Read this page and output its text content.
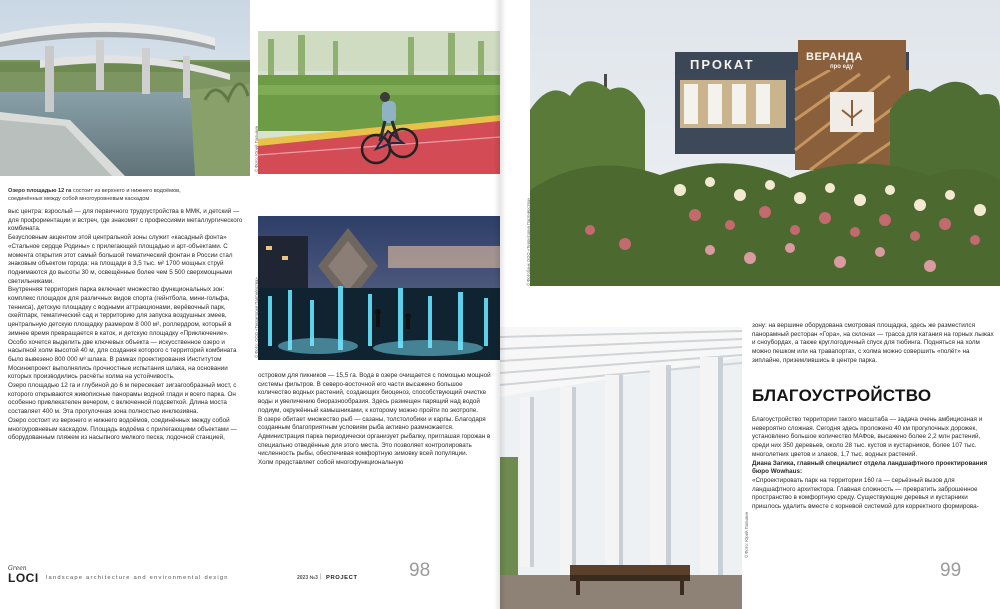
© Фото: Юрий Пальмин
Озеро площадью 12 га состоит из верхнего и нижнего водоёмов,
соединённых между собой многоуровневым каскадом
© Фото: ООО «Территория Партнёрства»

выс центра: взрослый — для первичного трудоустройства в ММК, и детский — для профориентации и встреч, где знакомят с профессиями металлургического комбината.

Безусловным акцентом этой центральной зоны служит «касадный фонта» «Стальное сердце Родины» с прилегающей площадью и арт-объектами. С момента открытия этот самый большой тематический фонтан в России стал знаковым объектом города: на площади в 3,5 тыс. м² 1700 мощных струй поднимаются до высоты 30 м, освещённые более чем 5 500 сверхмощными светильниками.

Внутренняя территория парка включает множество функциональных зон: комплекс площадок для различных видов спорта (гейнтбола, мини-гольфа, тенниса), детскую площадку с водными аттракционами, верёвочный парк, скейтпарк, тематический сад и территорию для запуска воздушных змеев, центральную детскую площадку размером 8 000 м², роллердром, который в зимнее время превращается в каток, и детскую площадку «Приключение».

Особо хочется выделить две ключевых объекта — искусственное озеро и насыпной холм высотой 40 м, для создания которого с территорий комбината было вывезено 800 000 м³ шлака. В рамках проектирования Институтом Мосинжпроект выполнялись прочностные испытания шлака, на основании которых производились расчёты холма на устойчивость.

Озеро площадью 12 га и глубиной до 6 м пересекает зигзагообразный мост, с которого открываются живописные панорамы водной глади и всего парка. Он особенно привлекателен вечером, с включенной подсветкой. Длина моста составляет 400 м. Эта прогулочная зона полностью инклюзивна.

Озеро состоит из верхнего и нижнего водоёмов, соединённых между собой многоуровневым каскадом. Площадь водоёма с прилегающими объектами — оборудованным пляжем из насыпного мелкого песка, лодочной станцией,

островом для пикников — 15,5 га. Вода в озере очищается с помощью мощной системы фильтров. В северо-восточной его части высажено большое количество водных растений, создающих биоценоз, способствующий очистке воды и увеличению биоразнообразия. Здесь размещен парящий над водой подиум, окружённый камышниками, к которому можно пройти по экотропе.

В озере обитает множество рыб — сазаны, толстолобики и карпы. Благодаря созданным благоприятным условиям рыба активно размножается. Администрация парка периодически организует рыбалку, приглашая горожан в специально отведённые для этого места. Это позволяет контролировать численность рыбы, обеспечивая комфортную зимовку всей популяции.

Холм представляет собой многофункциональную

Green
LOCI landscape architecture and environmental design	2023 №3 | PROJECT	98
ПРОКАТ	ВЕРАНДА
про еду
© Фотобанк ООО «Территория Партнёрства»
© Фото: Юрий Пальмин

зону: на вершине оборудована смотровая площадка, здесь же разместился панорамный ресторан «Гора», на склонах — трасса для катания на горных лыжах и сноубордах, а также круглогодичный спуск для тюбинга. Подняться на холм можно пешком или на травапортах, с холма можно совершить «полёт» на зиплайне, приземлившись в центре парка.

БЛАГОУСТРОЙСТВО

Благоустройство территории такого масштаба — задача очень амбициозная и невероятно сложная. Сегодня здесь проложено 40 км прогулочных дорожек, установлено большое количество МАФов, высажено более 2,2 млн растений, среди них 350 деревьев, около 28 тыс. кустов и кустарников, более 107 тыс. многолетних цветов и злаков, 1,7 тыс. водных растений.

Диана Загика, главный специалист отдела ландшафтного проектирования бюро Wowhaus:

«Спроектировать парк на территории 160 га — серьёзный вызов для ландшафтного архитектора. Главная сложность — превратить заброшенное пространство в комфортную среду. Существующие деревья и кустарники пришлось удалить вместе с корневой системой для корректного формирова-

99
